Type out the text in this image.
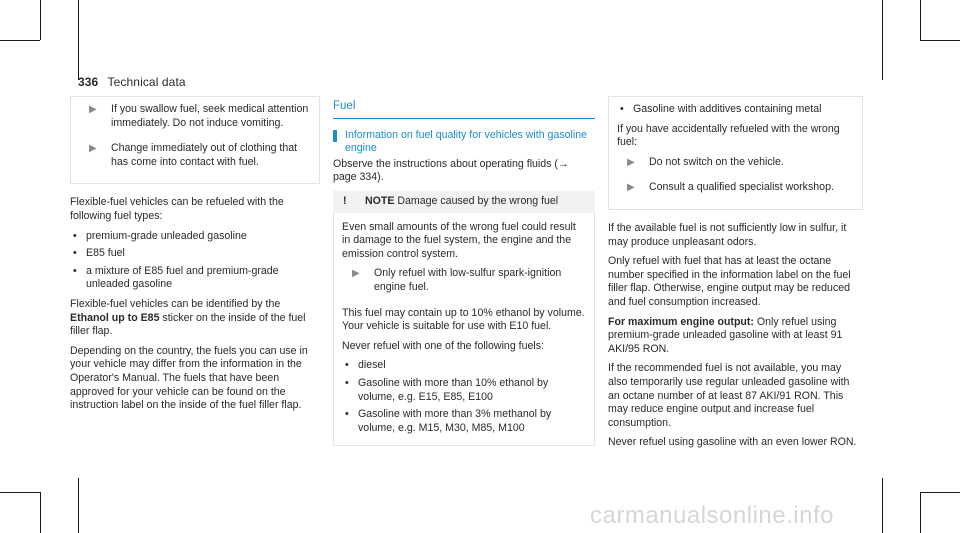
336 Technical data
▶ If you swallow fuel, seek medical attention immediately. Do not induce vomiting.
▶ Change immediately out of clothing that has come into contact with fuel.

Flexible-fuel vehicles can be refueled with the following fuel types:

• premium-grade unleaded gasoline
• E85 fuel
• a mixture of E85 fuel and premium-grade unleaded gasoline

Flexible-fuel vehicles can be identified by the Ethanol up to E85 sticker on the inside of the fuel filler flap.

Depending on the country, the fuels you can use in your vehicle may differ from the information in the Operator's Manual. The fuels that have been approved for your vehicle can be found on the instruction label on the inside of the fuel filler flap.

Fuel
Information on fuel quality for vehicles with gasoline engine

Observe the instructions about operating fluids (→ page 334).

! NOTE Damage caused by the wrong fuel

Even small amounts of the wrong fuel could result in damage to the fuel system, the engine and the emission control system.

▶ Only refuel with low-sulfur spark-ignition engine fuel.

This fuel may contain up to 10% ethanol by volume. Your vehicle is suitable for use with E10 fuel.

Never refuel with one of the following fuels:

• diesel
• Gasoline with more than 10% ethanol by volume, e.g. E15, E85, E100
• Gasoline with more than 3% methanol by volume, e.g. M15, M30, M85, M100
• Gasoline with additives containing metal

If you have accidentally refueled with the wrong fuel:

▶ Do not switch on the vehicle.
▶ Consult a qualified specialist workshop.

If the available fuel is not sufficiently low in sulfur, it may produce unpleasant odors.

Only refuel with fuel that has at least the octane number specified in the information label on the fuel filler flap. Otherwise, engine output may be reduced and fuel consumption increased.

For maximum engine output: Only refuel using premium-grade unleaded gasoline with at least 91 AKI/95 RON.

If the recommended fuel is not available, you may also temporarily use regular unleaded gasoline with an octane number of at least 87 AKI/91 RON. This may reduce engine output and increase fuel consumption.

Never refuel using gasoline with an even lower RON.

carmanualsonline.info
